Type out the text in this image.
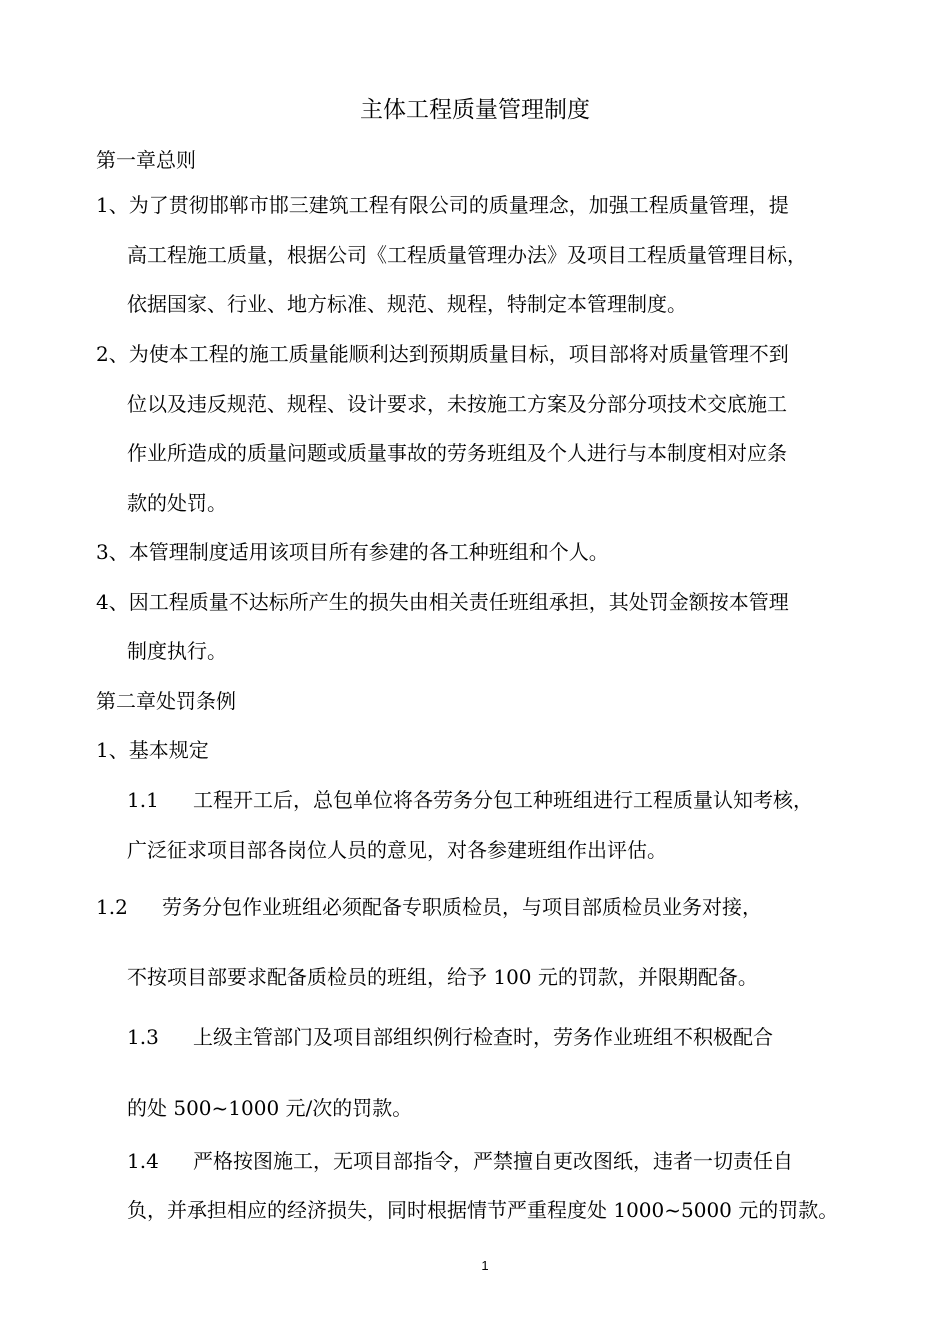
主体工程质量管理制度
第一章总则
1、为了贯彻邯郸市邯三建筑工程有限公司的质量理念，加强工程质量管理，提
高工程施工质量，根据公司《工程质量管理办法》及项目工程质量管理目标，
依据国家、行业、地方标准、规范、规程，特制定本管理制度。
2、为使本工程的施工质量能顺利达到预期质量目标，项目部将对质量管理不到
位以及违反规范、规程、设计要求，未按施工方案及分部分项技术交底施工
作业所造成的质量问题或质量事故的劳务班组及个人进行与本制度相对应条
款的处罚。
3、本管理制度适用该项目所有参建的各工种班组和个人。
4、因工程质量不达标所产生的损失由相关责任班组承担，其处罚金额按本管理
制度执行。
第二章处罚条例
1、基本规定
1.1 工程开工后，总包单位将各劳务分包工种班组进行工程质量认知考核，
广泛征求项目部各岗位人员的意见，对各参建班组作出评估。
1.2 劳务分包作业班组必须配备专职质检员，与项目部质检员业务对接，
不按项目部要求配备质检员的班组，给予 100 元的罚款，并限期配备。
1.3 上级主管部门及项目部组织例行检查时，劳务作业班组不积极配合
的处 500~1000 元/次的罚款。
1.4 严格按图施工，无项目部指令，严禁擅自更改图纸，违者一切责任自
负，并承担相应的经济损失，同时根据情节严重程度处 1000~5000 元的罚款。
1
